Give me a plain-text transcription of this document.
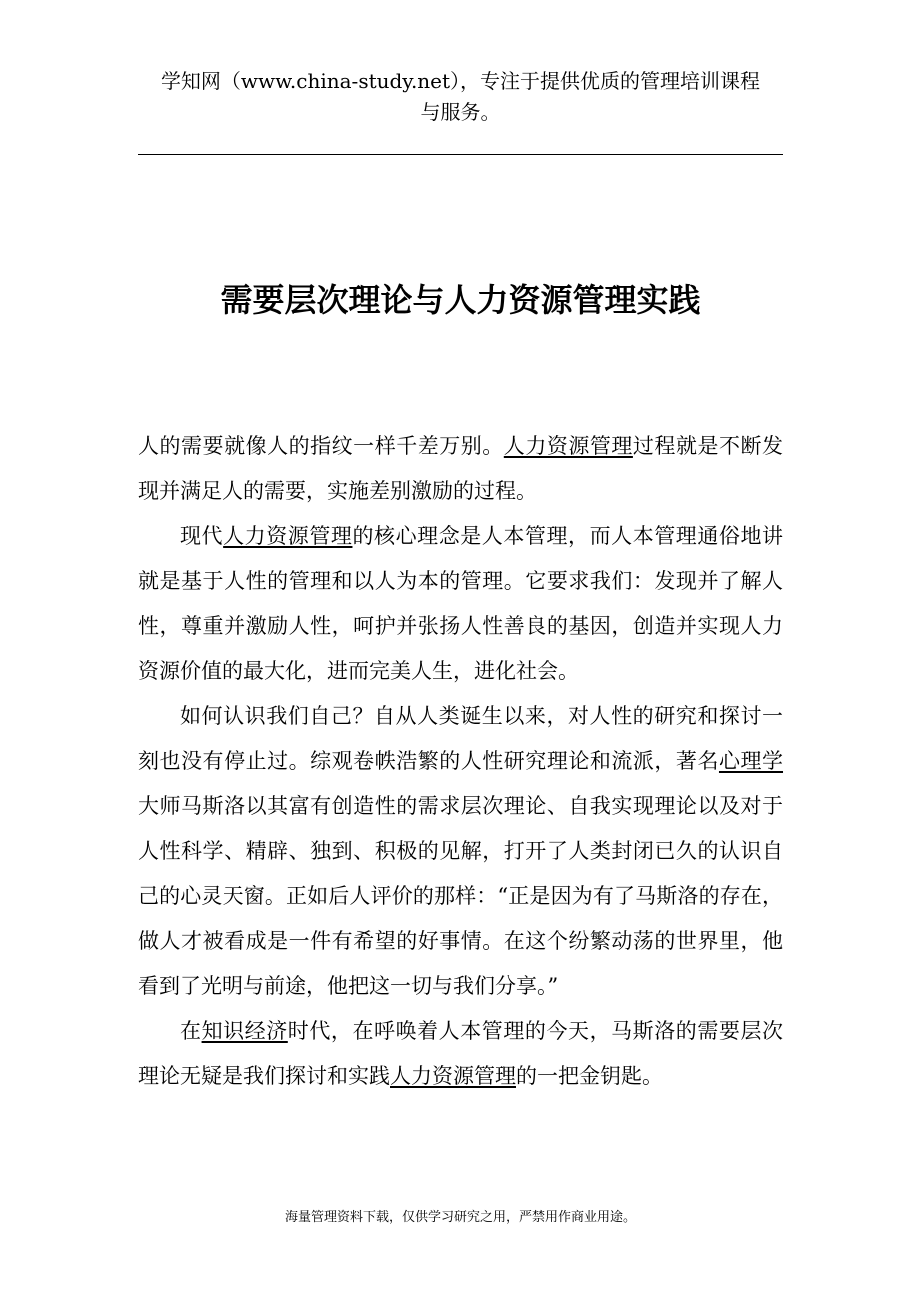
学知网（www.china-study.net），专注于提供优质的管理培训课程
与服务。
需要层次理论与人力资源管理实践

人的需要就像人的指纹一样千差万别。人力资源管理过程就是不断发现并满足人的需要，实施差别激励的过程。

现代人力资源管理的核心理念是人本管理，而人本管理通俗地讲就是基于人性的管理和以人为本的管理。它要求我们：发现并了解人性，尊重并激励人性，呵护并张扬人性善良的基因，创造并实现人力资源价值的最大化，进而完美人生，进化社会。

如何认识我们自己？自从人类诞生以来，对人性的研究和探讨一刻也没有停止过。综观卷帙浩繁的人性研究理论和流派，著名心理学大师马斯洛以其富有创造性的需求层次理论、自我实现理论以及对于人性科学、精辟、独到、积极的见解，打开了人类封闭已久的认识自己的心灵天窗。正如后人评价的那样：“正是因为有了马斯洛的存在，做人才被看成是一件有希望的好事情。在这个纷繁动荡的世界里，他看到了光明与前途，他把这一切与我们分享。”

在知识经济时代，在呼唤着人本管理的今天，马斯洛的需要层次理论无疑是我们探讨和实践人力资源管理的一把金钥匙。

海量管理资料下载，仅供学习研究之用，严禁用作商业用途。
